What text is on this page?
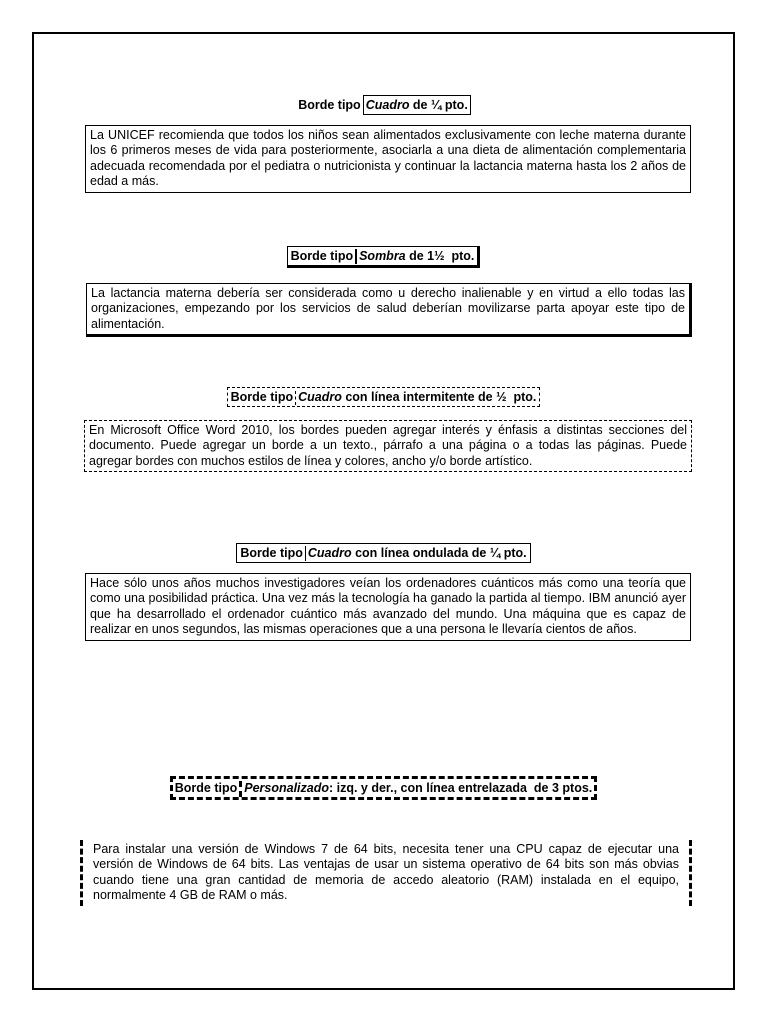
Borde tipo Cuadro de ¼ pto.
La UNICEF recomienda que todos los niños sean alimentados exclusivamente con leche materna durante los 6 primeros meses de vida para posteriormente, asociarla a una dieta de alimentación complementaria adecuada recomendada por el pediatra o nutricionista y continuar la lactancia materna hasta los 2 años de edad a más.
Borde tipo Sombra de 1½  pto.
La lactancia materna debería ser considerada como u derecho inalienable y en virtud a ello todas las organizaciones, empezando por los servicios de salud deberían movilizarse parta apoyar este tipo de alimentación.
Borde tipo Cuadro con línea intermitente de ½  pto.
En Microsoft Office Word 2010, los bordes pueden agregar interés y énfasis a distintas secciones del documento. Puede agregar un borde a un texto., párrafo a una página o a todas las páginas. Puede agregar bordes con muchos estilos de línea y colores, ancho y/o borde artístico.
Borde tipo Cuadro con línea ondulada de ¼ pto.
Hace sólo unos años muchos investigadores veían los ordenadores cuánticos más como una teoría que como una posibilidad práctica. Una vez más la tecnología ha ganado la partida al tiempo. IBM anunció ayer que ha desarrollado el ordenador cuántico más avanzado del mundo. Una máquina que es capaz de realizar en unos segundos, las mismas operaciones que a una persona le llevaría cientos de años.
Borde tipo Personalizado: izq. y der., con línea entrelazada  de 3 ptos.
Para instalar una versión de Windows 7 de 64 bits, necesita tener una CPU capaz de ejecutar una versión de Windows de 64 bits. Las ventajas de usar un sistema operativo de 64 bits son más obvias cuando tiene una gran cantidad de memoria de accedo aleatorio (RAM) instalada en el equipo, normalmente 4 GB de RAM o más.
